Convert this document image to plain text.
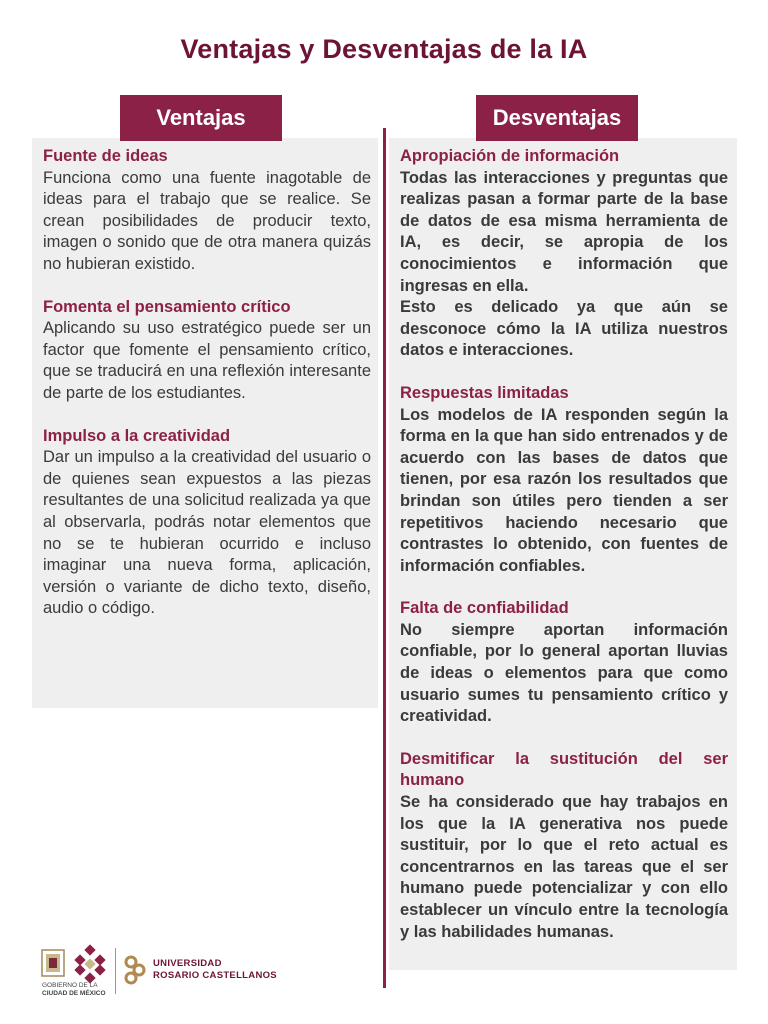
Ventajas y Desventajas de la IA
Ventajas	Desventajas
Fuente de ideas

Funciona como una fuente inagotable de ideas para el trabajo que se realice. Se crean posibilidades de producir texto, imagen o sonido que de otra manera quizás no hubieran existido.

Fomenta el pensamiento crítico

Aplicando su uso estratégico puede ser un factor que fomente el pensamiento crítico, que se traducirá en una reflexión interesante de parte de los estudiantes.

Impulso a la creatividad

Dar un impulso a la creatividad del usuario o de quienes sean expuestos a las piezas resultantes de una solicitud realizada ya que al observarla, podrás notar elementos que no se te hubieran ocurrido e incluso imaginar una nueva forma, aplicación, versión o variante de dicho texto, diseño, audio o código.

Apropiación de información

Todas las interacciones y preguntas que realizas pasan a formar parte de la base de datos de esa misma herramienta de IA, es decir, se apropia de los conocimientos e información que ingresas en ella.

Esto es delicado ya que aún se desconoce cómo la IA utiliza nuestros datos e interacciones.

Respuestas limitadas

Los modelos de IA responden según la forma en la que han sido entrenados y de acuerdo con las bases de datos que tienen, por esa razón los resultados que brindan son útiles pero tienden a ser repetitivos haciendo necesario que contrastes lo obtenido, con fuentes de información confiables.

Falta de confiabilidad

No siempre aportan información confiable, por lo general aportan lluvias de ideas o elementos para que como usuario sumes tu pensamiento crítico y creatividad.

Desmitificar la sustitución del ser humano

Se ha considerado que hay trabajos en los que la IA generativa nos puede sustituir, por lo que el reto actual es concentrarnos en las tareas que el ser humano puede potencializar y con ello establecer un vínculo entre la tecnología y las habilidades humanas.

GOBIERNO DE LA
CIUDAD DE MÉXICO
UNIVERSIDAD
ROSARIO CASTELLANOS
